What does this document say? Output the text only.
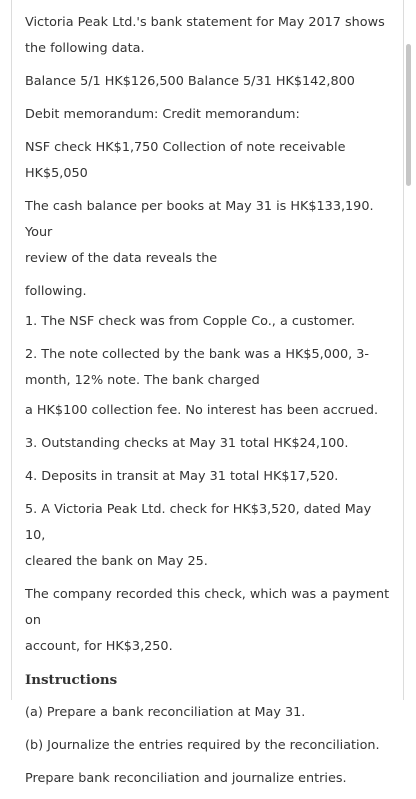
Victoria Peak Ltd.'s bank statement for May 2017 shows
the following data.
Balance 5/1 HK$126,500 Balance 5/31 HK$142,800
Debit memorandum: Credit memorandum:
NSF check HK$1,750 Collection of note receivable
HK$5,050
The cash balance per books at May 31 is HK$133,190. Your
review of the data reveals the
following.
1. The NSF check was from Copple Co., a customer.
2. The note collected by the bank was a HK$5,000, 3-
month, 12% note. The bank charged
a HK$100 collection fee. No interest has been accrued.
3. Outstanding checks at May 31 total HK$24,100.
4. Deposits in transit at May 31 total HK$17,520.
5. A Victoria Peak Ltd. check for HK$3,520, dated May 10,
cleared the bank on May 25.
The company recorded this check, which was a payment on
account, for HK$3,250.
Instructions
(a) Prepare a bank reconciliation at May 31.
(b) Journalize the entries required by the reconciliation.
Prepare bank reconciliation and journalize entries.
